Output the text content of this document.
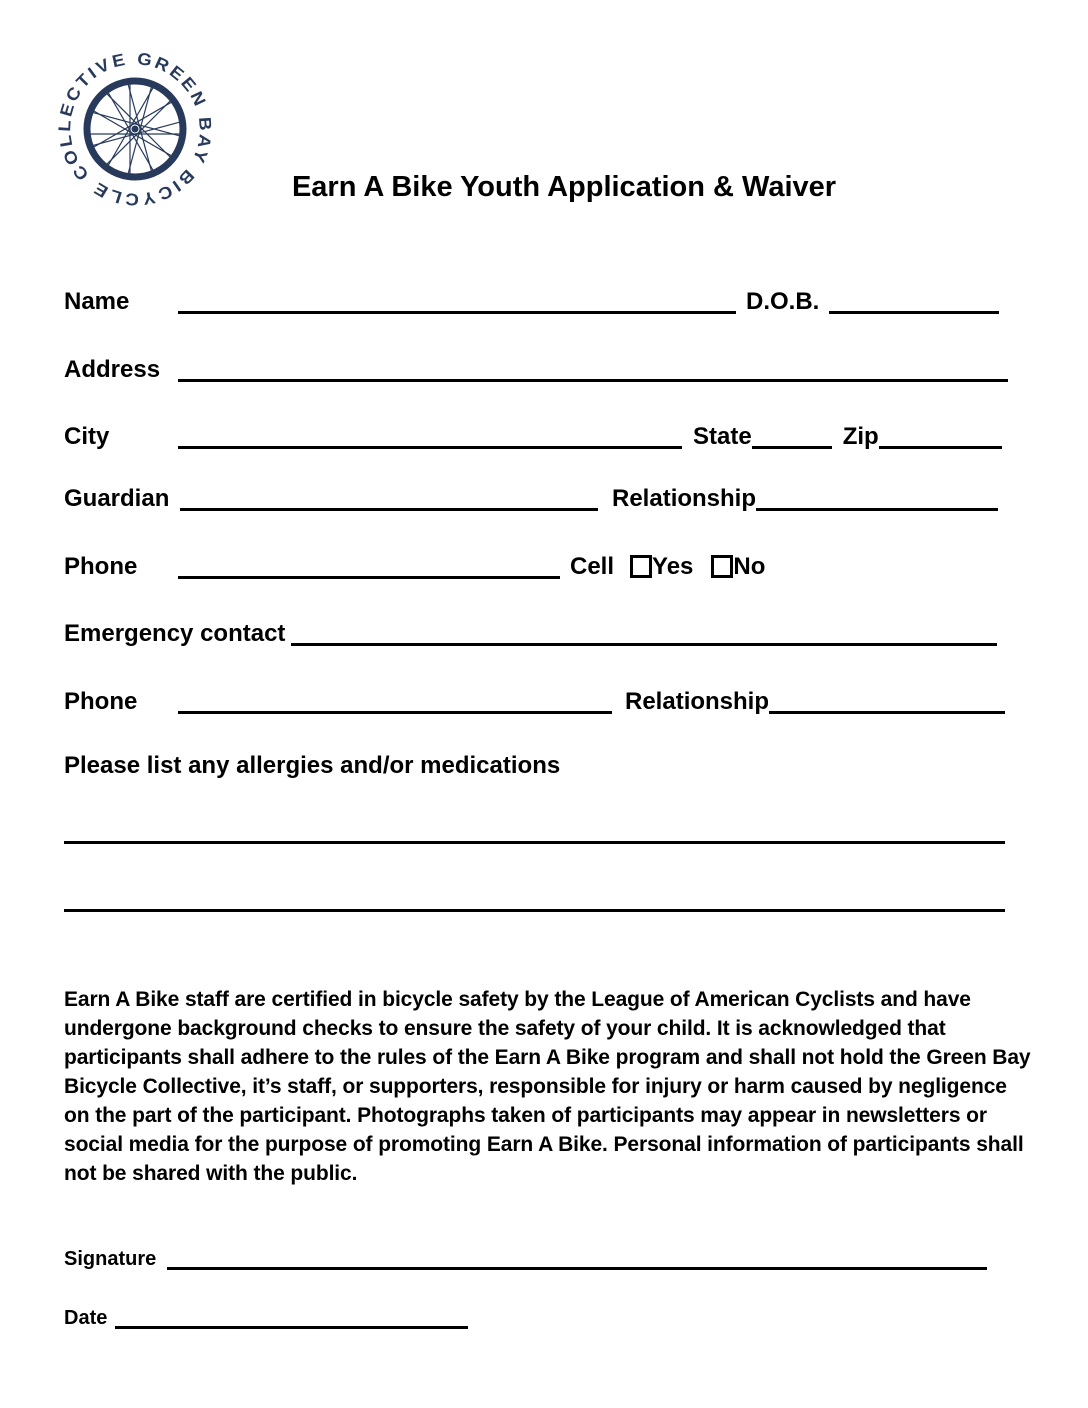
COLLECTIVE GREEN BAY BICYCLE	Earn A Bike Youth Application & Waiver
Name	D.O.B.
Address
City	State	Zip
Guardian	Relationship
Phone	Cell Yes No
Emergency contact
Phone	Relationship
Please list any allergies and/or medications

Earn A Bike staff are certified in bicycle safety by the League of American Cyclists and have undergone background checks to ensure the safety of your child. It is acknowledged that participants shall adhere to the rules of the Earn A Bike program and shall not hold the Green Bay Bicycle Collective, it’s staff, or supporters, responsible for injury or harm caused by negligence on the part of the participant. Photographs taken of participants may appear in newsletters or social media for the purpose of promoting Earn A Bike. Personal information of participants shall not be shared with the public.

Signature
Date
